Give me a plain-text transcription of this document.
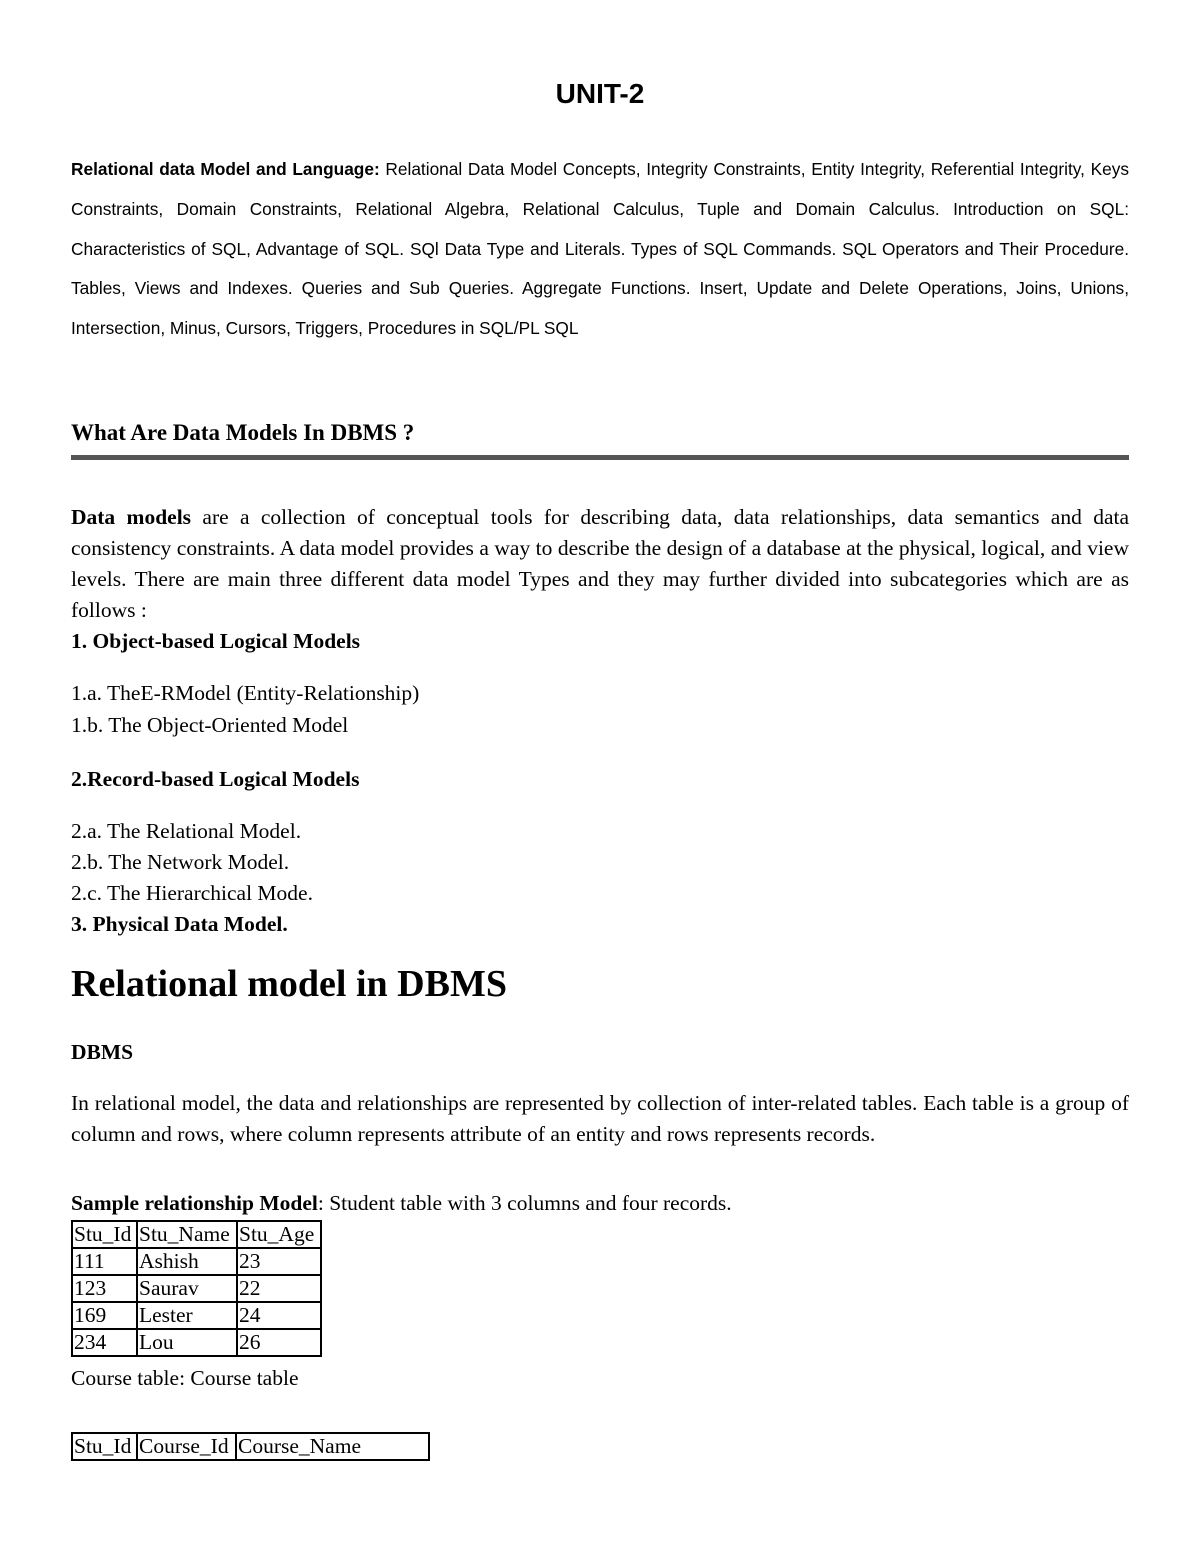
UNIT-2

Relational data Model and Language: Relational Data Model Concepts, Integrity Constraints, Entity Integrity, Referential Integrity, Keys Constraints, Domain Constraints, Relational Algebra, Relational Calculus, Tuple and Domain Calculus. Introduction on SQL: Characteristics of SQL, Advantage of SQL. SQl Data Type and Literals. Types of SQL Commands. SQL Operators and Their Procedure. Tables, Views and Indexes. Queries and Sub Queries. Aggregate Functions. Insert, Update and Delete Operations, Joins, Unions, Intersection, Minus, Cursors, Triggers, Procedures in SQL/PL SQL

What Are Data Models In DBMS ?

Data models are a collection of conceptual tools for describing data, data relationships, data semantics and data consistency constraints. A data model provides a way to describe the design of a database at the physical, logical, and view levels. There are main three different data model Types and they may further divided into subcategories which are as follows :

1. Object-based Logical Models
1.a. TheE-RModel (Entity-Relationship)
1.b. The Object-Oriented Model
2.Record-based Logical Models
2.a. The Relational Model.
2.b. The Network Model.
2.c. The Hierarchical Mode.
3. Physical Data Model.
Relational model in DBMS
DBMS

In relational model, the data and relationships are represented by collection of inter-related tables. Each table is a group of column and rows, where column represents attribute of an entity and rows represents records.

Sample relationship Model: Student table with 3 columns and four records.
Stu_Id	Stu_Name	Stu_Age
111	Ashish	23
123	Saurav	22
169	Lester	24
234	Lou	26
Course table: Course table
Stu_Id	Course_Id	Course_Name
